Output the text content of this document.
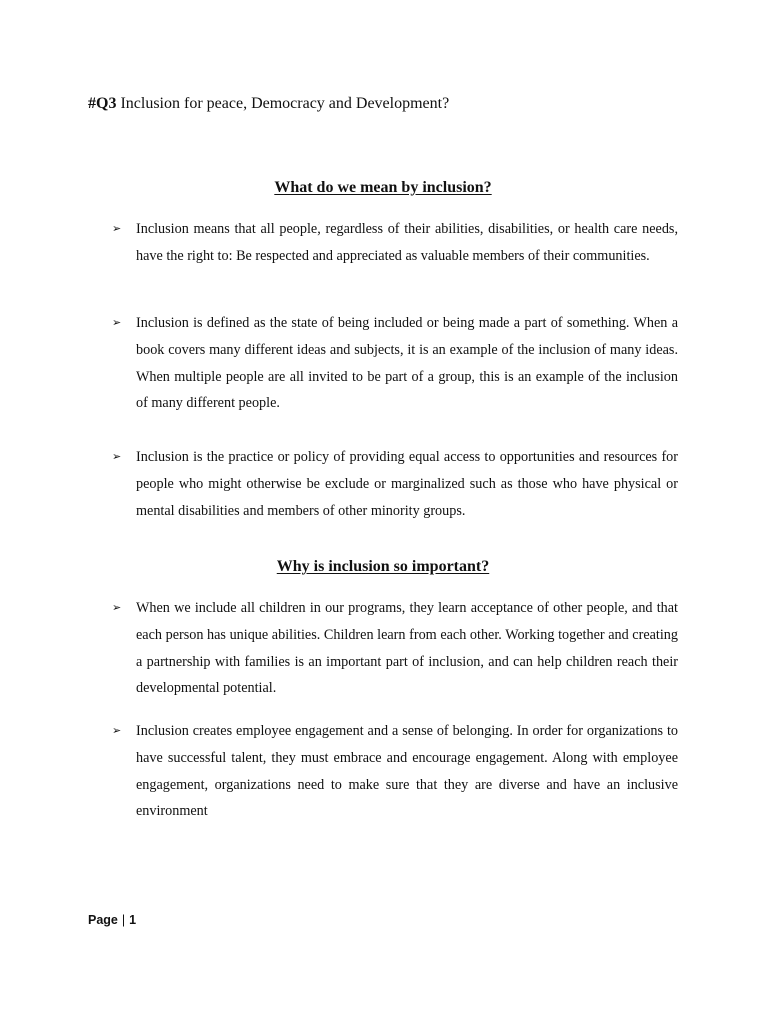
#Q3 Inclusion for peace, Democracy and Development?
What do we mean by inclusion?
➢ Inclusion means that all people, regardless of their abilities, disabilities, or health care needs, have the right to: Be respected and appreciated as valuable members of their communities.
➢ Inclusion is defined as the state of being included or being made a part of something. When a book covers many different ideas and subjects, it is an example of the inclusion of many ideas. When multiple people are all invited to be part of a group, this is an example of the inclusion of many different people.
➢ Inclusion is the practice or policy of providing equal access to opportunities and resources for people who might otherwise be exclude or marginalized such as those who have physical or mental disabilities and members of other minority groups.
Why is inclusion so important?
➢ When we include all children in our programs, they learn acceptance of other people, and that each person has unique abilities. Children learn from each other. Working together and creating a partnership with families is an important part of inclusion, and can help children reach their developmental potential.
➢ Inclusion creates employee engagement and a sense of belonging. In order for organizations to have successful talent, they must embrace and encourage engagement. Along with employee engagement, organizations need to make sure that they are diverse and have an inclusive environment
Page | 1
